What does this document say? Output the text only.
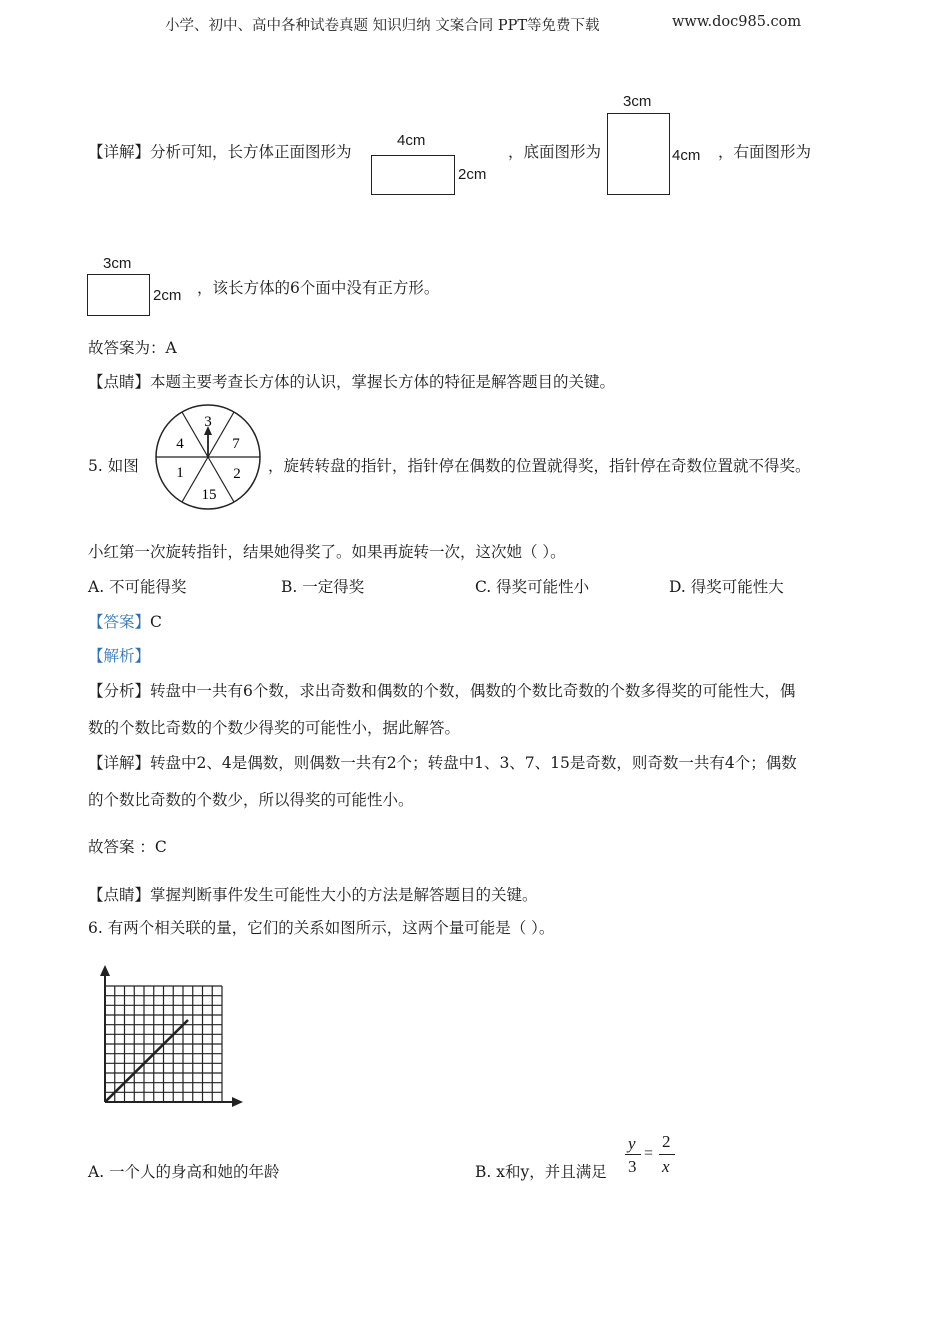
小学、初中、高中各种试卷真题 知识归纳 文案合同 PPT等免费下载	www.doc985.com
【详解】分析可知，长方体正面图形为
4cm
2cm
，底面图形为
3cm
4cm ，右面图形为
3cm
2cm ，该长方体的6个面中没有正方形。
故答案为：A
【点睛】本题主要考查长方体的认识，掌握长方体的特征是解答题目的关键。
5. 如图
3
7
2
15
1
4
，旋转转盘的指针，指针停在偶数的位置就得奖，指针停在奇数位置就不得奖。
小红第一次旋转指针，结果她得奖了。如果再旋转一次，这次她（ ）。
A. 不可能得奖	B. 一定得奖	C. 得奖可能性小	D. 得奖可能性大
【答案】C
【解析】
【分析】转盘中一共有6个数，求出奇数和偶数的个数，偶数的个数比奇数的个数多得奖的可能性大，偶
数的个数比奇数的个数少得奖的可能性小，据此解答。
【详解】转盘中2、4是偶数，则偶数一共有2个；转盘中1、3、7、15是奇数，则奇数一共有4个；偶数
的个数比奇数的个数少，所以得奖的可能性小。
故答案 ：C
【点睛】掌握判断事件发生可能性大小的方法是解答题目的关键。
6. 有两个相关联的量，它们的关系如图所示，这两个量可能是（ ）。
A. 一个人的身高和她的年龄	B. x和y，并且满足
y
3
=
2
x
